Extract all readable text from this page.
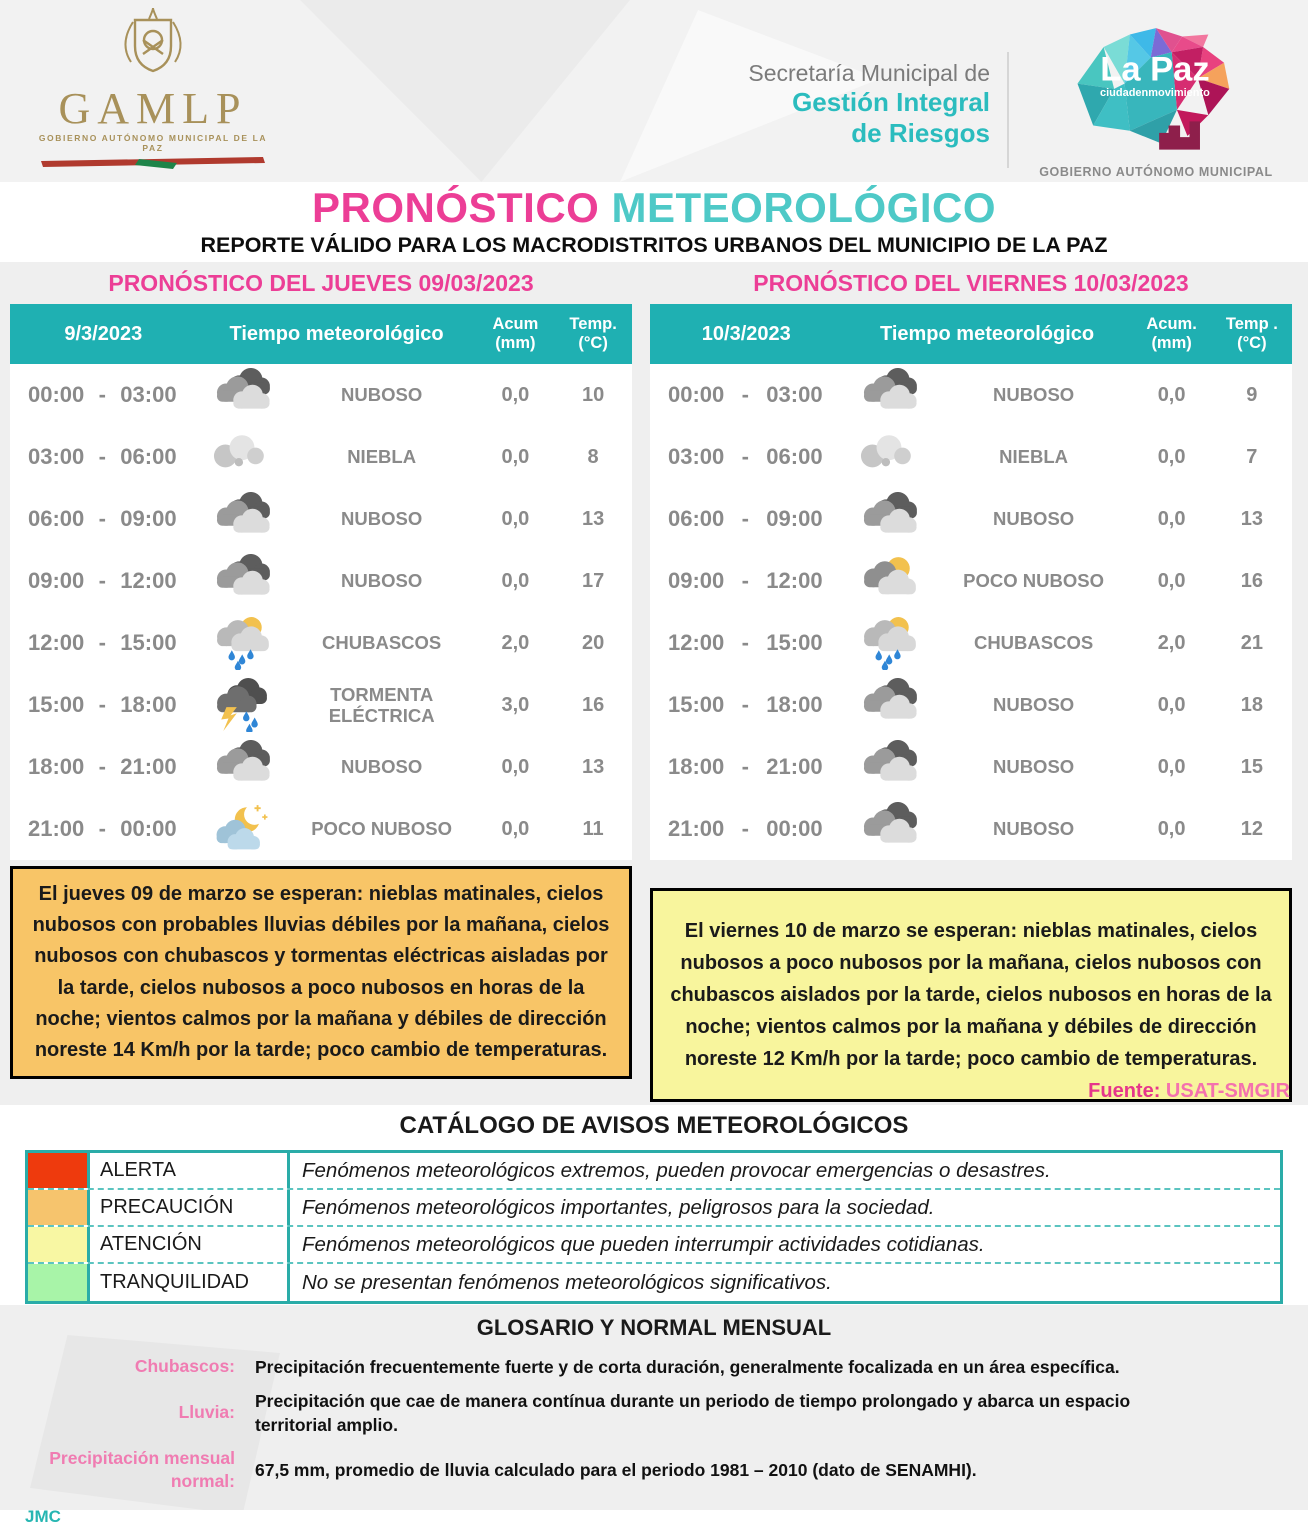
GAMLP
GOBIERNO AUTÓNOMO MUNICIPAL DE LA PAZ
Secretaría Municipal de
Gestión Integral
de Riesgos
La Paz
ciudadenmovimiento
GOBIERNO AUTÓNOMO MUNICIPAL
PRONÓSTICO METEOROLÓGICO
REPORTE VÁLIDO PARA LOS MACRODISTRITOS URBANOS DEL MUNICIPIO DE LA PAZ
PRONÓSTICO DEL JUEVES 09/03/2023
9/3/2023	Tiempo meteorológico	Acum
(mm)
Temp.
(°C)
00:00 - 03:00	NUBOSO	0,0	10
03:00 - 06:00	NIEBLA	0,0	8
06:00 - 09:00	NUBOSO	0,0	13
09:00 - 12:00	NUBOSO	0,0	17
12:00 - 15:00	CHUBASCOS	2,0	20
15:00 - 18:00	TORMENTA ELÉCTRICA	3,0	16
18:00 - 21:00	NUBOSO	0,0	13
21:00 - 00:00	POCO NUBOSO	0,0	11
El jueves 09 de marzo se esperan: nieblas matinales, cielos nubosos con probables lluvias débiles por la mañana, cielos nubosos con chubascos y tormentas eléctricas aisladas por la tarde, cielos nubosos a poco nubosos en horas de la noche; vientos calmos por la mañana y débiles de dirección noreste 14 Km/h por la tarde; poco cambio de temperaturas.
PRONÓSTICO DEL VIERNES 10/03/2023
10/3/2023	Tiempo meteorológico	Acum.
(mm)
Temp .
(°C)
00:00 - 03:00	NUBOSO	0,0	9
03:00 - 06:00	NIEBLA	0,0	7
06:00 - 09:00	NUBOSO	0,0	13
09:00 - 12:00	POCO NUBOSO	0,0	16
12:00 - 15:00	CHUBASCOS	2,0	21
15:00 - 18:00	NUBOSO	0,0	18
18:00 - 21:00	NUBOSO	0,0	15
21:00 - 00:00	NUBOSO	0,0	12
El viernes 10 de marzo se esperan: nieblas matinales, cielos nubosos a poco nubosos por la mañana, cielos nubosos con chubascos aislados por la tarde, cielos nubosos en horas de la noche; vientos calmos por la mañana y débiles de dirección noreste 12 Km/h por la tarde; poco cambio de temperaturas.
Fuente: USAT-SMGIR
CATÁLOGO DE AVISOS METEOROLÓGICOS
ALERTA	Fenómenos meteorológicos extremos, pueden provocar emergencias o desastres.
PRECAUCIÓN	Fenómenos meteorológicos importantes, peligrosos para la sociedad.
ATENCIÓN	Fenómenos meteorológicos que pueden interrumpir actividades cotidianas.
TRANQUILIDAD	No se presentan fenómenos meteorológicos significativos.
GLOSARIO Y NORMAL MENSUAL
Chubascos:	Precipitación frecuentemente fuerte y de corta duración, generalmente focalizada en un área específica.
Lluvia:
Precipitación que cae de manera contínua durante un periodo de tiempo prolongado y abarca un espacio territorial amplio.
Precipitación mensual normal:
67,5 mm, promedio de lluvia calculado para el periodo 1981 – 2010 (dato de SENAMHI).
JMC
